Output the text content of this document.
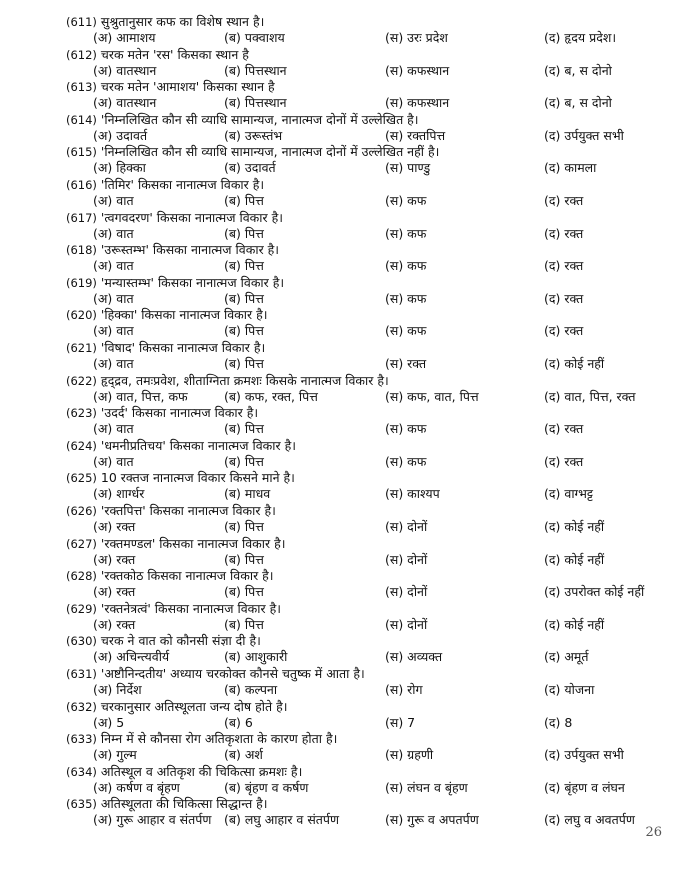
(611) सुश्रुतानुसार कफ का विशेष स्थान है।
(अ) आमाशय	(ब) पक्वाशय	(स) उरः प्रदेश	(द) हृदय प्रदेश।
(612) चरक मतेन 'रस' किसका स्थान है
(अ) वातस्थान	(ब) पित्तस्थान	(स) कफस्थान	(द) ब, स दोनो
(613) चरक मतेन 'आमाशय' किसका स्थान है
(अ) वातस्थान	(ब) पित्तस्थान	(स) कफस्थान	(द) ब, स दोनो
(614) 'निम्नलिखित कौन सी व्याधि सामान्यज, नानात्मज दोनों में उल्लेखित है।
(अ) उदावर्त	(ब) उरूस्तंभ	(स) रक्तपित्त	(द) उर्पयुक्त सभी
(615) 'निम्नलिखित कौन सी व्याधि सामान्यज, नानात्मज दोनों में उल्लेखित नहीं है।
(अ) हिक्का	(ब) उदावर्त	(स) पाण्डु	(द) कामला
(616) 'तिमिर' किसका नानात्मज विकार है।
(अ) वात	(ब) पित्त	(स) कफ	(द) रक्त
(617) 'त्वगवदरण' किसका नानात्मज विकार है।
(अ) वात	(ब) पित्त	(स) कफ	(द) रक्त
(618) 'उरूस्तम्भ' किसका नानात्मज विकार है।
(अ) वात	(ब) पित्त	(स) कफ	(द) रक्त
(619) 'मन्यास्तम्भ' किसका नानात्मज विकार है।
(अ) वात	(ब) पित्त	(स) कफ	(द) रक्त
(620) 'हिक्का' किसका नानात्मज विकार है।
(अ) वात	(ब) पित्त	(स) कफ	(द) रक्त
(621) 'विषाद' किसका नानात्मज विकार है।
(अ) वात	(ब) पित्त	(स) रक्त	(द) कोई नहीं
(622) हृद्‌द्रव, तमःप्रवेश, शीताग्निता क्रमशः किसके नानात्मज विकार है।
(अ) वात, पित्त, कफ	(ब) कफ, रक्त, पित्त	(स) कफ, वात, पित्त	(द) वात, पित्त, रक्त
(623) 'उदर्द' किसका नानात्मज विकार है।
(अ) वात	(ब) पित्त	(स) कफ	(द) रक्त
(624) 'धमनीप्रतिचय' किसका नानात्मज विकार है।
(अ) वात	(ब) पित्त	(स) कफ	(द) रक्त
(625) 10 रक्तज नानात्मज विकार किसने माने है।
(अ) शार्ग्धर	(ब) माधव	(स) काश्यप	(द) वाग्भट्ट
(626) 'रक्तपित्त' किसका नानात्मज विकार है।
(अ) रक्त	(ब) पित्त	(स) दोनों	(द) कोई नहीं
(627) 'रक्तमण्डल' किसका नानात्मज विकार है।
(अ) रक्त	(ब) पित्त	(स) दोनों	(द) कोई नहीं
(628) 'रक्तकोठ किसका नानात्मज विकार है।
(अ) रक्त	(ब) पित्त	(स) दोनों	(द) उपरोक्त कोई नहीं
(629) 'रक्तनेत्रत्वं' किसका नानात्मज विकार है।
(अ) रक्त	(ब) पित्त	(स) दोनों	(द) कोई नहीं
(630) चरक ने वात को कौनसी संज्ञा दी है।
(अ) अचिन्त्यवीर्य	(ब) आशुकारी	(स) अव्यक्त	(द) अमूर्त
(631) 'अष्टौनिन्दतीय' अध्याय चरकोक्त कौनसे चतुष्क में आता है।
(अ) निर्देश	(ब) कल्पना	(स) रोग	(द) योजना
(632) चरकानुसार अतिस्थूलता जन्य दोष होते है।
(अ) 5	(ब) 6	(स) 7	(द) 8
(633) निम्न में से कौनसा रोग अतिकृशता के कारण होता है।
(अ) गुल्म	(ब) अर्श	(स) ग्रहणी	(द) उर्पयुक्त सभी
(634) अतिस्थूल व अतिकृश की चिकित्सा क्रमशः है।
(अ) कर्षण व बृंहण	(ब) बृंहण व कर्षण	(स) लंघन व बृंहण	(द) बृंहण व लंघन
(635) अतिस्थूलता की चिकित्सा सिद्धान्त है।
(अ) गुरू आहार व संतर्पण (ब) लघु आहार व संतर्पण	(स) गुरू व अपतर्पण	(द) लघु व अवतर्पण
26
